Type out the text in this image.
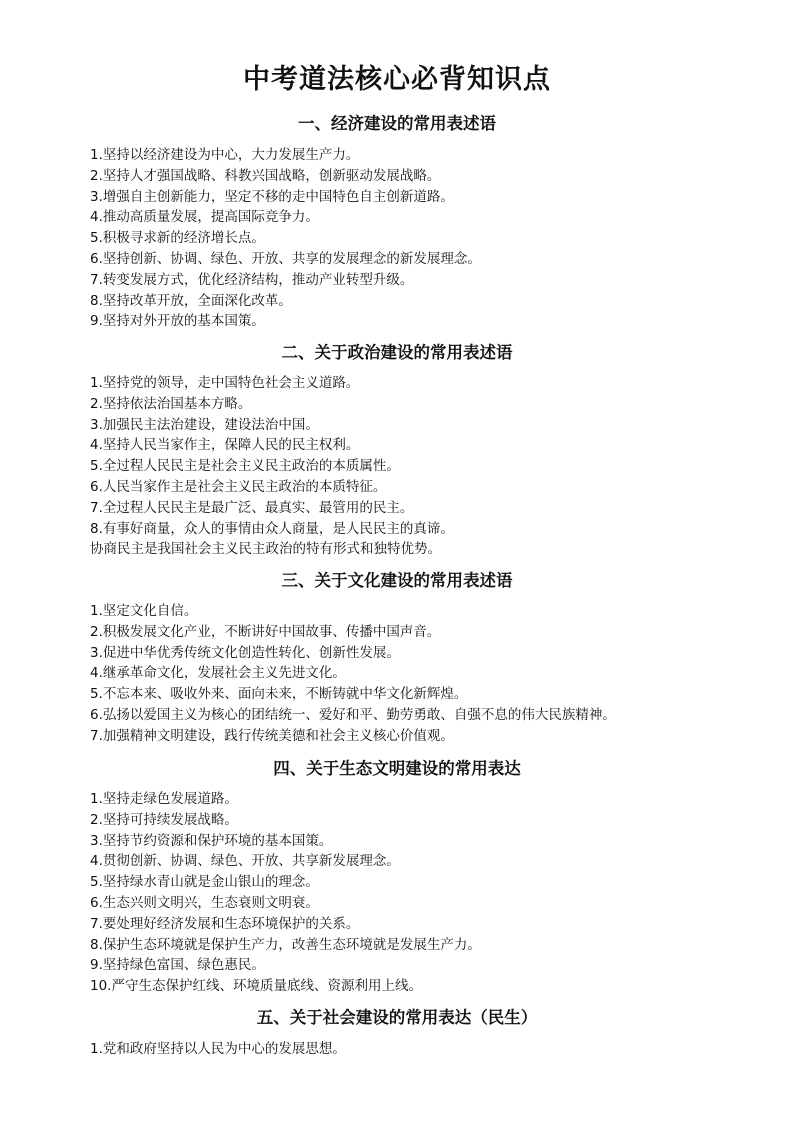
中考道法核心必背知识点
一、经济建设的常用表述语
1.坚持以经济建设为中心，大力发展生产力。
2.坚持人才强国战略、科教兴国战略，创新驱动发展战略。
3.增强自主创新能力，坚定不移的走中国特色自主创新道路。
4.推动高质量发展，提高国际竞争力。
5.积极寻求新的经济增长点。
6.坚持创新、协调、绿色、开放、共享的发展理念的新发展理念。
7.转变发展方式，优化经济结构，推动产业转型升级。
8.坚持改革开放，全面深化改革。
9.坚持对外开放的基本国策。
二、关于政治建设的常用表述语
1.坚持党的领导，走中国特色社会主义道路。
2.坚持依法治国基本方略。
3.加强民主法治建设，建设法治中国。
4.坚持人民当家作主，保障人民的民主权利。
5.全过程人民民主是社会主义民主政治的本质属性。
6.人民当家作主是社会主义民主政治的本质特征。
7.全过程人民民主是最广泛、最真实、最管用的民主。
8.有事好商量，众人的事情由众人商量，是人民民主的真谛。
协商民主是我国社会主义民主政治的特有形式和独特优势。
三、关于文化建设的常用表述语
1.坚定文化自信。
2.积极发展文化产业，不断讲好中国故事、传播中国声音。
3.促进中华优秀传统文化创造性转化、创新性发展。
4.继承革命文化，发展社会主义先进文化。
5.不忘本来、吸收外来、面向未来，不断铸就中华文化新辉煌。
6.弘扬以爱国主义为核心的团结统一、爱好和平、勤劳勇敢、自强不息的伟大民族精神。
7.加强精神文明建设，践行传统美德和社会主义核心价值观。
四、关于生态文明建设的常用表达
1.坚持走绿色发展道路。
2.坚持可持续发展战略。
3.坚持节约资源和保护环境的基本国策。
4.贯彻创新、协调、绿色、开放、共享新发展理念。
5.坚持绿水青山就是金山银山的理念。
6.生态兴则文明兴，生态衰则文明衰。
7.要处理好经济发展和生态环境保护的关系。
8.保护生态环境就是保护生产力，改善生态环境就是发展生产力。
9.坚持绿色富国、绿色惠民。
10.严守生态保护红线、环境质量底线、资源利用上线。
五、关于社会建设的常用表达（民生）
1.党和政府坚持以人民为中心的发展思想。
